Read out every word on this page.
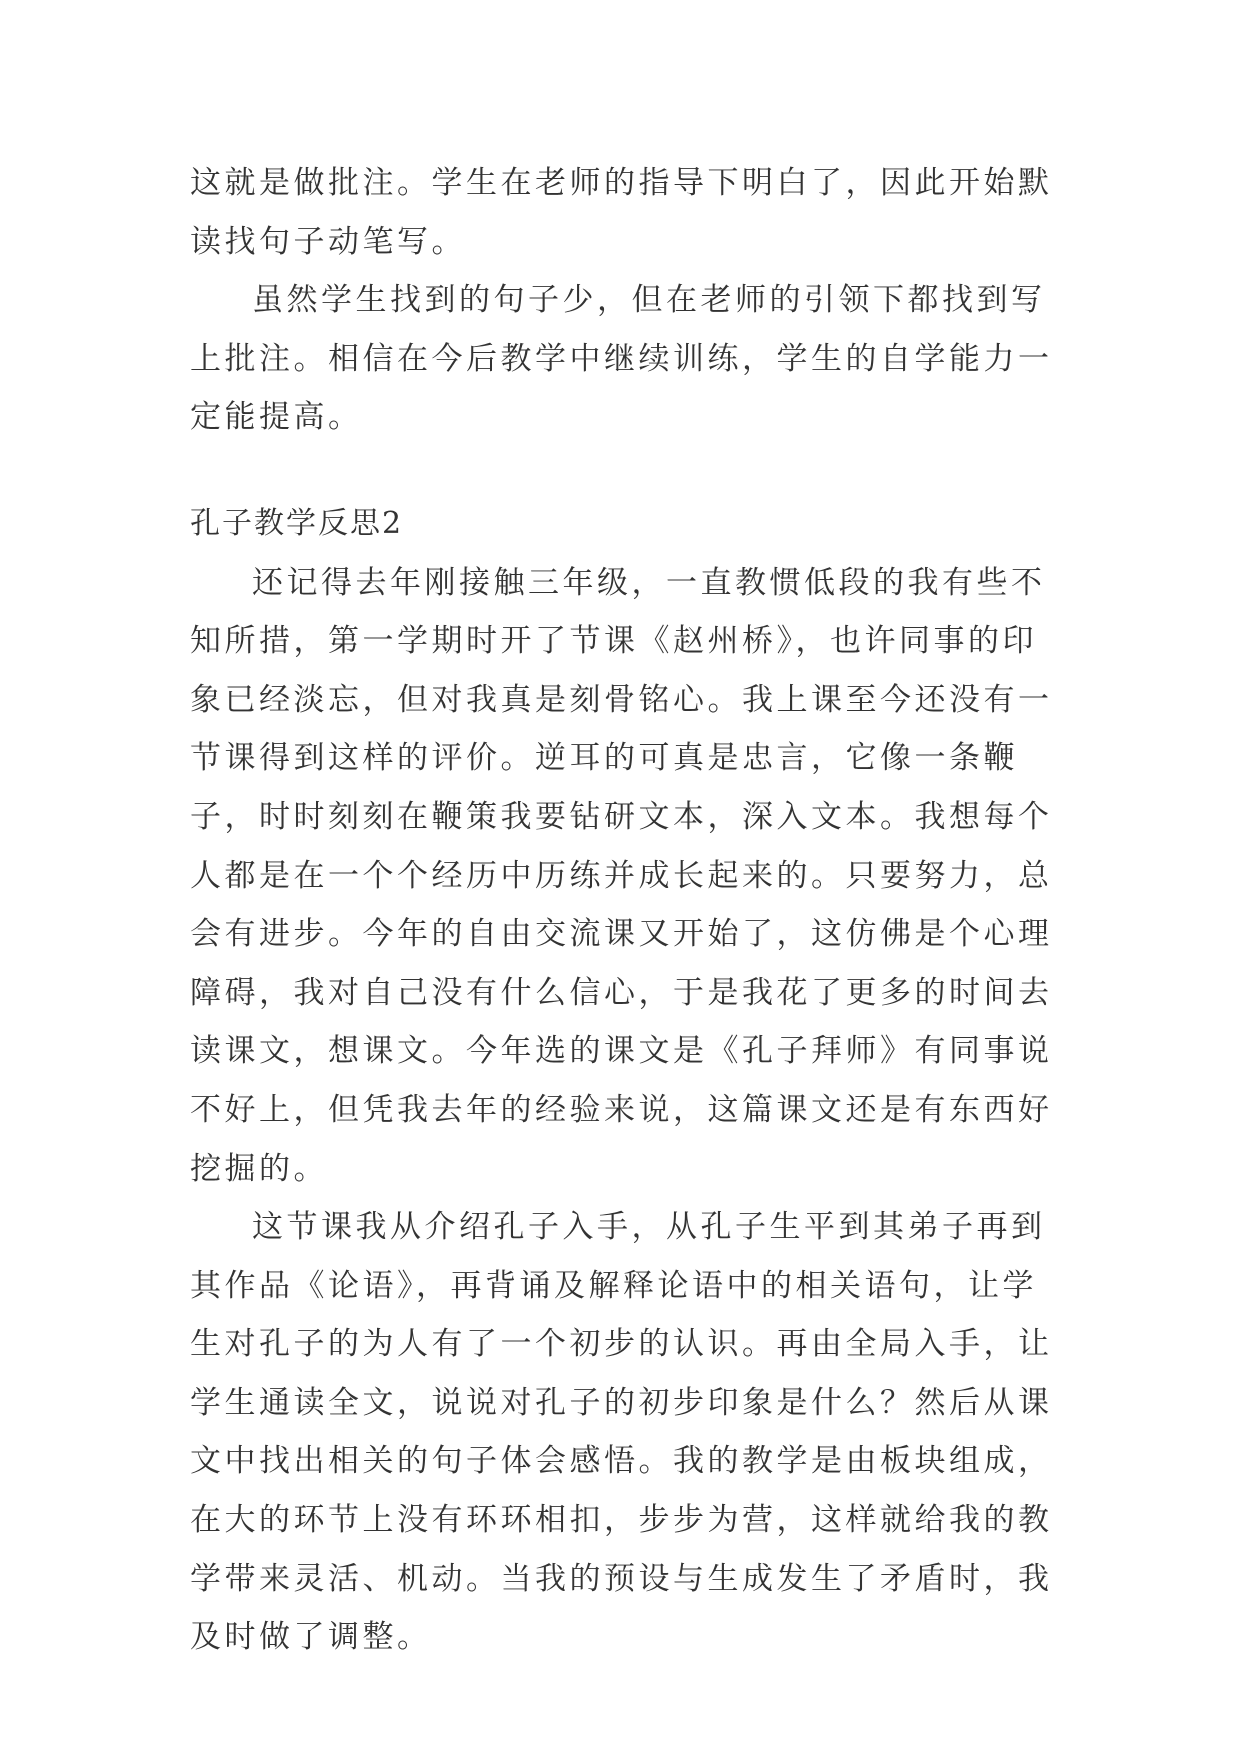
这就是做批注。学生在老师的指导下明白了，因此开始默读找句子动笔写。

虽然学生找到的句子少，但在老师的引领下都找到写上批注。相信在今后教学中继续训练，学生的自学能力一定能提高。

孔子教学反思2

还记得去年刚接触三年级，一直教惯低段的我有些不知所措，第一学期时开了节课《赵州桥》，也许同事的印象已经淡忘，但对我真是刻骨铭心。我上课至今还没有一节课得到这样的评价。逆耳的可真是忠言，它像一条鞭子，时时刻刻在鞭策我要钻研文本，深入文本。我想每个人都是在一个个经历中历练并成长起来的。只要努力，总会有进步。今年的自由交流课又开始了，这仿佛是个心理障碍，我对自己没有什么信心，于是我花了更多的时间去读课文，想课文。今年选的课文是《孔子拜师》有同事说不好上，但凭我去年的经验来说，这篇课文还是有东西好挖掘的。

这节课我从介绍孔子入手，从孔子生平到其弟子再到其作品《论语》，再背诵及解释论语中的相关语句，让学生对孔子的为人有了一个初步的认识。再由全局入手，让学生通读全文，说说对孔子的初步印象是什么？然后从课文中找出相关的句子体会感悟。我的教学是由板块组成，在大的环节上没有环环相扣，步步为营，这样就给我的教学带来灵活、机动。当我的预设与生成发生了矛盾时，我及时做了调整。
